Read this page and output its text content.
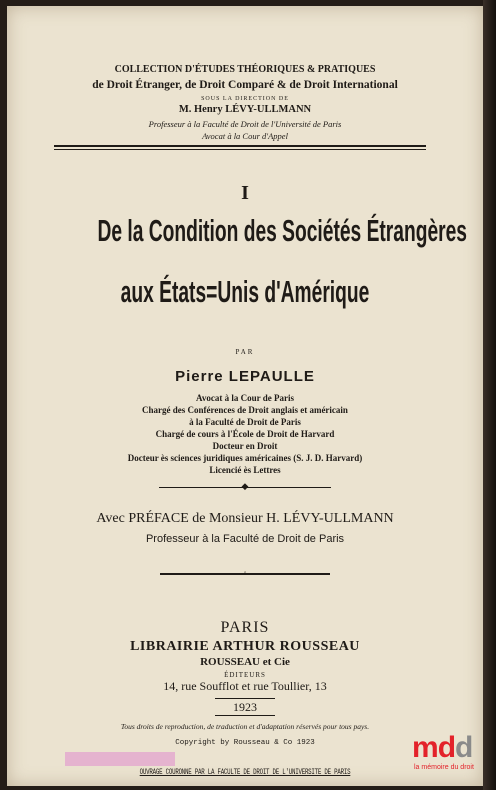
COLLECTION D'ÉTUDES THÉORIQUES & PRATIQUES
de Droit Étranger, de Droit Comparé & de Droit International
SOUS LA DIRECTION DE
M. Henry LÉVY-ULLMANN
Professeur à la Faculté de Droit de l'Université de Paris
Avocat à la Cour d'Appel
I
De la Condition des Sociétés Étrangères
aux États=Unis d'Amérique
PAR
Pierre LEPAULLE
Avocat à la Cour de Paris
Chargé des Conférences de Droit anglais et américain
à la Faculté de Droit de Paris
Chargé de cours à l'École de Droit de Harvard
Docteur en Droit
Docteur ès sciences juridiques américaines (S. J. D. Harvard)
Licencié ès Lettres
◆
Avec PRÉFACE de Monsieur H. LÉVY-ULLMANN
Professeur à la Faculté de Droit de Paris
◦
PARIS
LIBRAIRIE ARTHUR ROUSSEAU
ROUSSEAU et Cie
ÉDITEURS
14, rue Soufflot et rue Toullier, 13
1923
Tous droits de reproduction, de traduction et d'adaptation réservés pour tous pays.
Copyright by Rousseau & Co 1923
OUVRAGE COURONNÉ PAR LA FACULTÉ DE DROIT DE L'UNIVERSITÉ DE PARIS
mdd
la mémoire du droit
